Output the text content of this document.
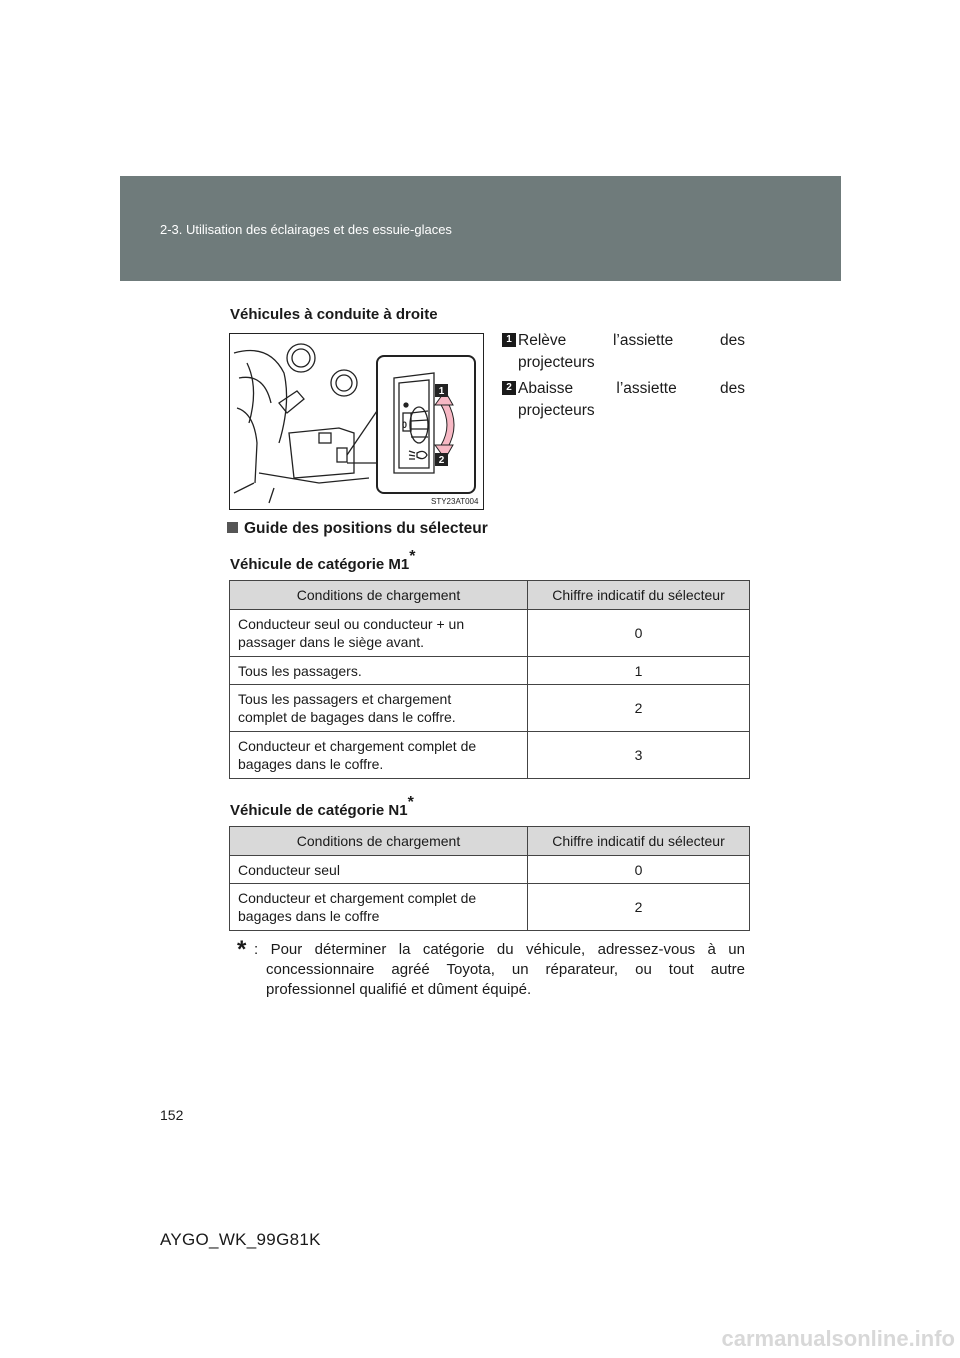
2-3. Utilisation des éclairages et des essuie-glaces
Véhicules à conduite à droite
0
1
2
STY23AT004
1 Relève	l’assiette	des
projecteurs
2 Abaisse	l’assiette	des
projecteurs
Guide des positions du sélecteur
Véhicule de catégorie M1*
Conditions de chargement	Chiffre indicatif du sélecteur
Conducteur seul ou conducteur + un
passager dans le siège avant.	0
Tous les passagers.	1
Tous les passagers et chargement
complet de bagages dans le coffre.	2
Conducteur et chargement complet de
bagages dans le coffre.	3
Véhicule de catégorie N1*
Conditions de chargement	Chiffre indicatif du sélecteur
Conducteur seul	0
Conducteur et chargement complet de
bagages dans le coffre	2
* : Pour déterminer la catégorie du véhicule, adressez-vous à un concessionnaire agréé Toyota, un réparateur, ou tout autre professionnel qualifié et dûment équipé.
152
AYGO_WK_99G81K
carmanualsonline.info
